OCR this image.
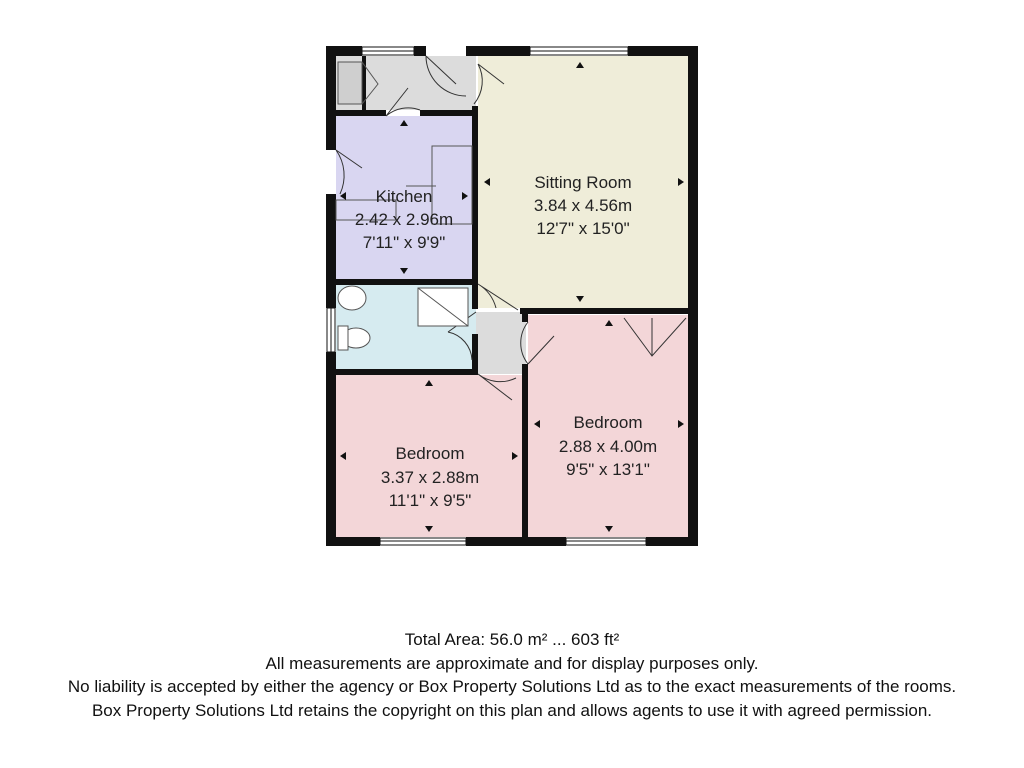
Sitting Room
3.84 x 4.56m
12'7" x 15'0"
Kitchen
2.42 x 2.96m
7'11" x 9'9"
Bedroom
2.88 x 4.00m
9'5" x 13'1"
Bedroom
3.37 x 2.88m
11'1" x 9'5"
Total Area: 56.0 m² ... 603 ft²
All measurements are approximate and for display purposes only.
No liability is accepted by either the agency or Box Property Solutions Ltd as to the exact measurements of the rooms.
Box Property Solutions Ltd retains the copyright on this plan and allows agents to use it with agreed permission.
